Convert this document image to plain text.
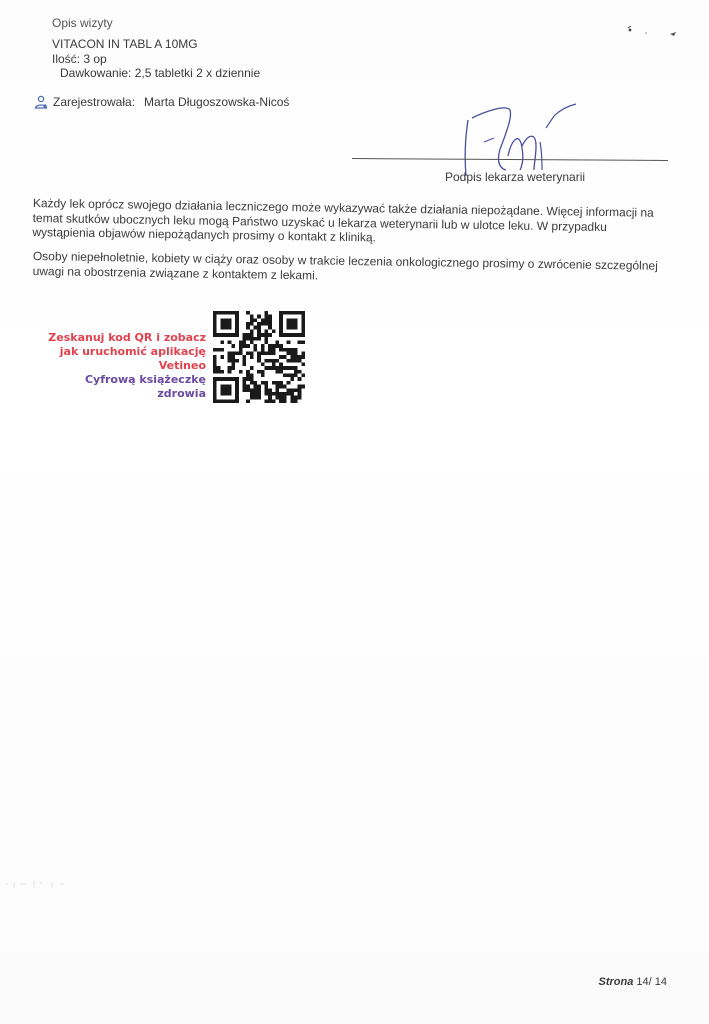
Opis wizyty
VITACON IN TABL A 10MG
Ilość: 3 op
Dawkowanie: 2,5 tabletki 2 x dziennie
Zarejestrowała: Marta Długoszowska-Nicoś
Podpis lekarza weterynarii
Każdy lek oprócz swojego działania leczniczego może wykazywać także działania niepożądane. Więcej informacji na temat skutków ubocznych leku mogą Państwo uzyskać u lekarza weterynarii lub w ulotce leku. W przypadku wystąpienia objawów niepożądanych prosimy o kontakt z kliniką.
Osoby niepełnoletnie, kobiety w ciąży oraz osoby w trakcie leczenia onkologicznego prosimy o zwrócenie szczególnej uwagi na obostrzenia związane z kontaktem z lekami.
Zeskanuj kod QR i zobacz
jak uruchomić aplikację Vetineo
Cyfrową książeczkę zdrowia
Strona 14/ 14
